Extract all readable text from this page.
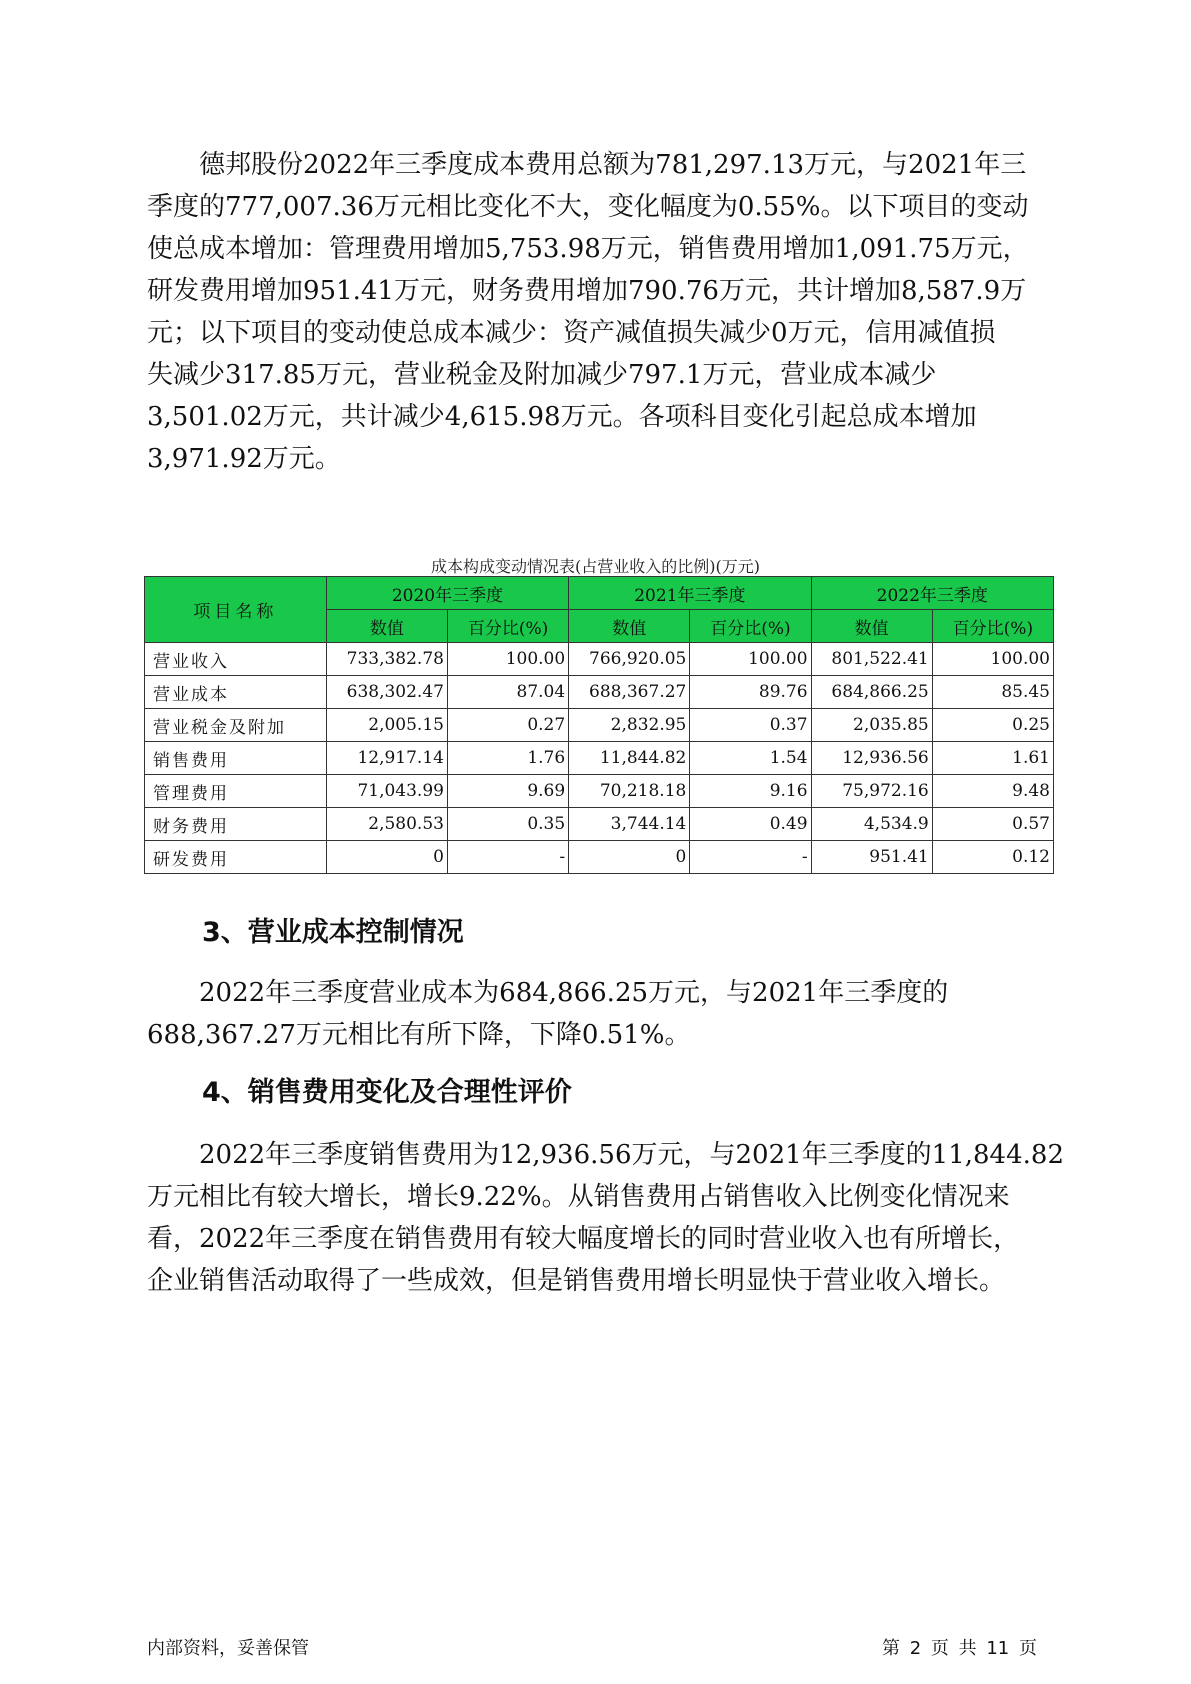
德邦股份2022年三季度成本费用总额为781,297.13万元，与2021年三
季度的777,007.36万元相比变化不大，变化幅度为0.55%。以下项目的变动
使总成本增加：管理费用增加5,753.98万元，销售费用增加1,091.75万元，
研发费用增加951.41万元，财务费用增加790.76万元，共计增加8,587.9万
元；以下项目的变动使总成本减少：资产减值损失减少0万元，信用减值损
失减少317.85万元，营业税金及附加减少797.1万元，营业成本减少
3,501.02万元，共计减少4,615.98万元。各项科目变化引起总成本增加
3,971.92万元。
成本构成变动情况表(占营业收入的比例)(万元)
项目名称	2020年三季度		2021年三季度		2022年三季度	
	数值	百分比(%)	数值	百分比(%)	数值	百分比(%)
营业收入	733,382.78	100.00	766,920.05	100.00	801,522.41	100.00
营业成本	638,302.47	87.04	688,367.27	89.76	684,866.25	85.45
营业税金及附加	2,005.15	0.27	2,832.95	0.37	2,035.85	0.25
销售费用	12,917.14	1.76	11,844.82	1.54	12,936.56	1.61
管理费用	71,043.99	9.69	70,218.18	9.16	75,972.16	9.48
财务费用	2,580.53	0.35	3,744.14	0.49	4,534.9	0.57
研发费用	0	-	0	-	951.41	0.12
3、营业成本控制情况
2022年三季度营业成本为684,866.25万元，与2021年三季度的
688,367.27万元相比有所下降，下降0.51%。
4、销售费用变化及合理性评价
2022年三季度销售费用为12,936.56万元，与2021年三季度的11,844.82
万元相比有较大增长，增长9.22%。从销售费用占销售收入比例变化情况来
看，2022年三季度在销售费用有较大幅度增长的同时营业收入也有所增长，
企业销售活动取得了一些成效，但是销售费用增长明显快于营业收入增长。
内部资料，妥善保管	第 2 页 共 11 页
